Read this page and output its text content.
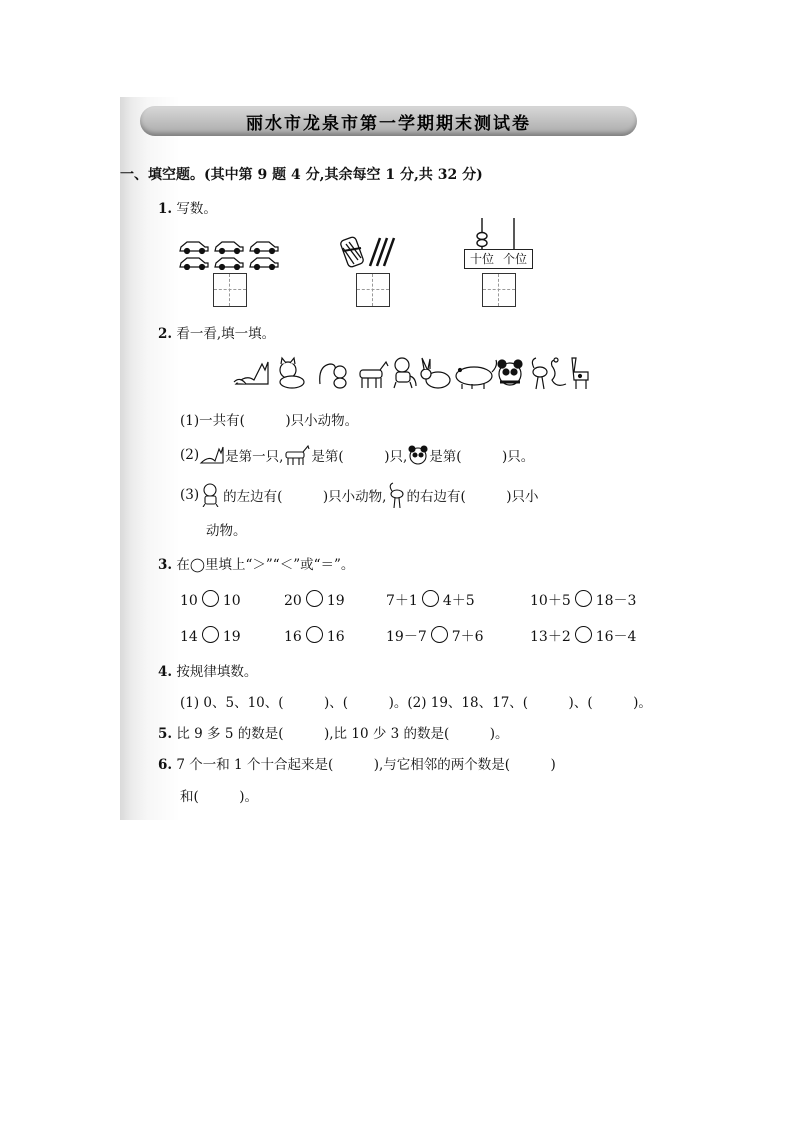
丽水市龙泉市第一学期期末测试卷
一、填空题。(其中第 9 题 4 分,其余每空 1 分,共 32 分)
1. 写数。
十位 个位
2. 看一看,填一填。
(1)一共有(　　　)只小动物。
(2) 是第一只, 是第(　　　)只, 是第(　　　)只。
(3) 的左边有(　　　)只小动物, 的右边有(　　　)只小
动物。
3. 在◯里填上“＞”“＜”或“＝”。
10 10	20 19	7＋1 4＋5	10＋5 18－3
14 19	16 16	19－7 7＋6	13＋2 16－4
4. 按规律填数。
(1) 0、5、10、(　　　)、(　　　)。(2) 19、18、17、(　　　)、(　　　)。
5. 比 9 多 5 的数是(　　　),比 10 少 3 的数是(　　　)。
6. 7 个一和 1 个十合起来是(　　　),与它相邻的两个数是(　　　)
和(　　　)。
